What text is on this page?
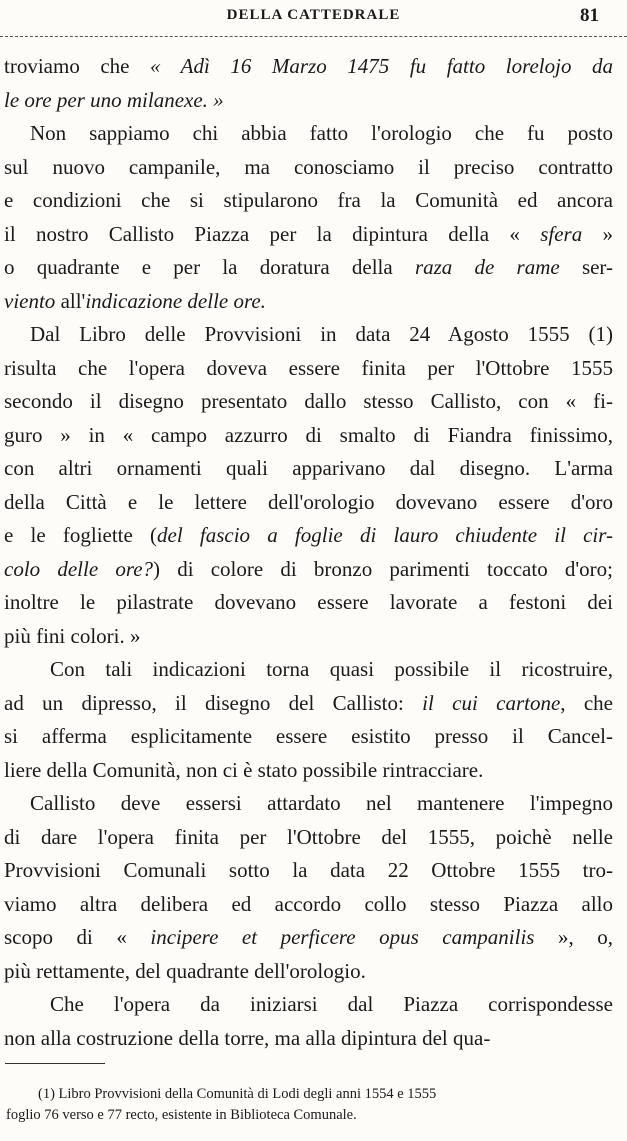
DELLA CATTEDRALE	81
troviamo che « Adì 16 Marzo 1475 fu fatto lorelojo da
le ore per uno milanexe. »
Non sappiamo chi abbia fatto l'orologio che fu posto
sul nuovo campanile, ma conosciamo il preciso contratto
e condizioni che si stipularono fra la Comunità ed ancora
il nostro Callisto Piazza per la dipintura della « sfera »
o quadrante e per la doratura della raza de rame ser-
viento all'indicazione delle ore.
Dal Libro delle Provvisioni in data 24 Agosto 1555 (1)
risulta che l'opera doveva essere finita per l'Ottobre 1555
secondo il disegno presentato dallo stesso Callisto, con « fi-
guro » in « campo azzurro di smalto di Fiandra finissimo,
con altri ornamenti quali apparivano dal disegno. L'arma
della Città e le lettere dell'orologio dovevano essere d'oro
e le fogliette (del fascio a foglie di lauro chiudente il cir-
colo delle ore?) di colore di bronzo parimenti toccato d'oro;
inoltre le pilastrate dovevano essere lavorate a festoni dei
più fini colori. »
Con tali indicazioni torna quasi possibile il ricostruire,
ad un dipresso, il disegno del Callisto: il cui cartone, che
si afferma esplicitamente essere esistito presso il Cancel-
liere della Comunità, non ci è stato possibile rintracciare.
Callisto deve essersi attardato nel mantenere l'impegno
di dare l'opera finita per l'Ottobre del 1555, poichè nelle
Provvisioni Comunali sotto la data 22 Ottobre 1555 tro-
viamo altra delibera ed accordo collo stesso Piazza allo
scopo di « incipere et perficere opus campanilis », o,
più rettamente, del quadrante dell'orologio.
Che l'opera da iniziarsi dal Piazza corrispondesse
non alla costruzione della torre, ma alla dipintura del qua-
(1) Libro Provvisioni della Comunità di Lodi degli anni 1554 e 1555
foglio 76 verso e 77 recto, esistente in Biblioteca Comunale.
